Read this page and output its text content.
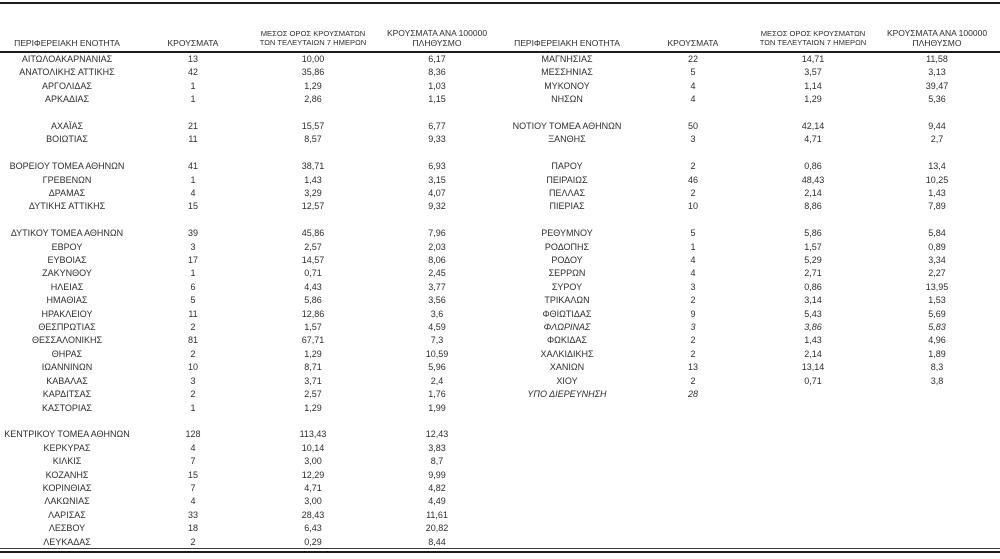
ΠΕΡΙΦΕΡΕΙΑΚΗ ΕΝΟΤΗΤΑ	ΚΡΟΥΣΜΑΤΑ	ΜΕΣΟΣ ΟΡΟΣ ΚΡΟΥΣΜΑΤΩΝ
ΤΩΝ ΤΕΛΕΥΤΑΙΩΝ 7 ΗΜΕΡΩΝ	ΚΡΟΥΣΜΑΤΑ ΑΝΑ 100000
ΠΛΗΘΥΣΜΟ
ΑΙΤΩΛΟΑΚΑΡΝΑΝΙΑΣ	13	10,00	6,17
ΑΝΑΤΟΛΙΚΗΣ ΑΤΤΙΚΗΣ	42	35,86	8,36
ΑΡΓΟΛΙΔΑΣ	1	1,29	1,03
ΑΡΚΑΔΙΑΣ	1	2,86	1,15

ΑΧΑΪΑΣ	21	15,57	6,77
ΒΟΙΩΤΙΑΣ	11	8,57	9,33

ΒΟΡΕΙΟΥ ΤΟΜΕΑ ΑΘΗΝΩΝ	41	38,71	6,93
ΓΡΕΒΕΝΩΝ	1	1,43	3,15
ΔΡΑΜΑΣ	4	3,29	4,07
ΔΥΤΙΚΗΣ ΑΤΤΙΚΗΣ	15	12,57	9,32

ΔΥΤΙΚΟΥ ΤΟΜΕΑ ΑΘΗΝΩΝ	39	45,86	7,96
ΕΒΡΟΥ	3	2,57	2,03
ΕΥΒΟΙΑΣ	17	14,57	8,06
ΖΑΚΥΝΘΟΥ	1	0,71	2,45
ΗΛΕΙΑΣ	6	4,43	3,77
ΗΜΑΘΙΑΣ	5	5,86	3,56
ΗΡΑΚΛΕΙΟΥ	11	12,86	3,6
ΘΕΣΠΡΩΤΙΑΣ	2	1,57	4,59
ΘΕΣΣΑΛΟΝΙΚΗΣ	81	67,71	7,3
ΘΗΡΑΣ	2	1,29	10,59
ΙΩΑΝΝΙΝΩΝ	10	8,71	5,96
ΚΑΒΑΛΑΣ	3	3,71	2,4
ΚΑΡΔΙΤΣΑΣ	2	2,57	1,76
ΚΑΣΤΟΡΙΑΣ	1	1,29	1,99

ΚΕΝΤΡΙΚΟΥ ΤΟΜΕΑ ΑΘΗΝΩΝ	128	113,43	12,43
ΚΕΡΚΥΡΑΣ	4	10,14	3,83
ΚΙΛΚΙΣ	7	3,00	8,7
ΚΟΖΑΝΗΣ	15	12,29	9,99
ΚΟΡΙΝΘΙΑΣ	7	4,71	4,82
ΛΑΚΩΝΙΑΣ	4	3,00	4,49
ΛΑΡΙΣΑΣ	33	28,43	11,61
ΛΕΣΒΟΥ	18	6,43	20,82
ΛΕΥΚΑΔΑΣ	2	0,29	8,44
ΠΕΡΙΦΕΡΕΙΑΚΗ ΕΝΟΤΗΤΑ	ΚΡΟΥΣΜΑΤΑ	ΜΕΣΟΣ ΟΡΟΣ ΚΡΟΥΣΜΑΤΩΝ
ΤΩΝ ΤΕΛΕΥΤΑΙΩΝ 7 ΗΜΕΡΩΝ	ΚΡΟΥΣΜΑΤΑ ΑΝΑ 100000
ΠΛΗΘΥΣΜΟ
ΜΑΓΝΗΣΙΑΣ	22	14,71	11,58
ΜΕΣΣΗΝΙΑΣ	5	3,57	3,13
ΜΥΚΟΝΟΥ	4	1,14	39,47
ΝΗΣΩΝ	4	1,29	5,36

ΝΟΤΙΟΥ ΤΟΜΕΑ ΑΘΗΝΩΝ	50	42,14	9,44
ΞΑΝΘΗΣ	3	4,71	2,7

ΠΑΡΟΥ	2	0,86	13,4
ΠΕΙΡΑΙΩΣ	46	48,43	10,25
ΠΕΛΛΑΣ	2	2,14	1,43
ΠΙΕΡΙΑΣ	10	8,86	7,89

ΡΕΘΥΜΝΟΥ	5	5,86	5,84
ΡΟΔΟΠΗΣ	1	1,57	0,89
ΡΟΔΟΥ	4	5,29	3,34
ΣΕΡΡΩΝ	4	2,71	2,27
ΣΥΡΟΥ	3	0,86	13,95
ΤΡΙΚΑΛΩΝ	2	3,14	1,53
ΦΘΙΩΤΙΔΑΣ	9	5,43	5,69
ΦΛΩΡΙΝΑΣ	3	3,86	5,83
ΦΩΚΙΔΑΣ	2	1,43	4,96
ΧΑΛΚΙΔΙΚΗΣ	2	2,14	1,89
ΧΑΝΙΩΝ	13	13,14	8,3
ΧΙΟΥ	2	0,71	3,8
ΥΠΟ ΔΙΕΡΕΥΝΗΣΗ	28		
